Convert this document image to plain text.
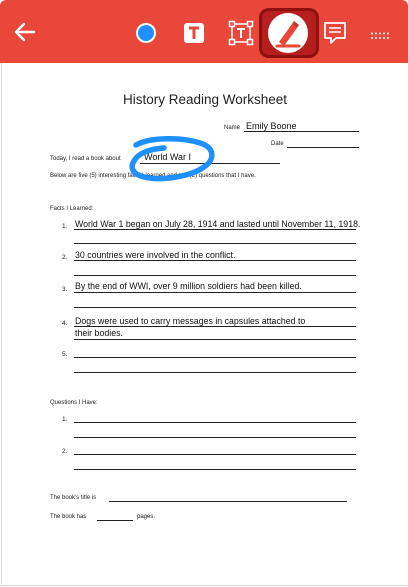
History Reading Worksheet
Name Emily Boone
Date
Today, I read a book about	World War I
Below are five (5) interesting facts I learned and two (2) questions that I have.
Facts I Learned:
1. World War 1 began on July 28, 1914 and lasted until November 11, 1918.
2. 30 countries were involved in the conflict.
3. By the end of WWI, over 9 million soldiers had been killed.
4. Dogs were used to carry messages in capsules attached to
their bodies.
5.
Questions I Have:
1.
2.
The book's title is
The book has	pages.
